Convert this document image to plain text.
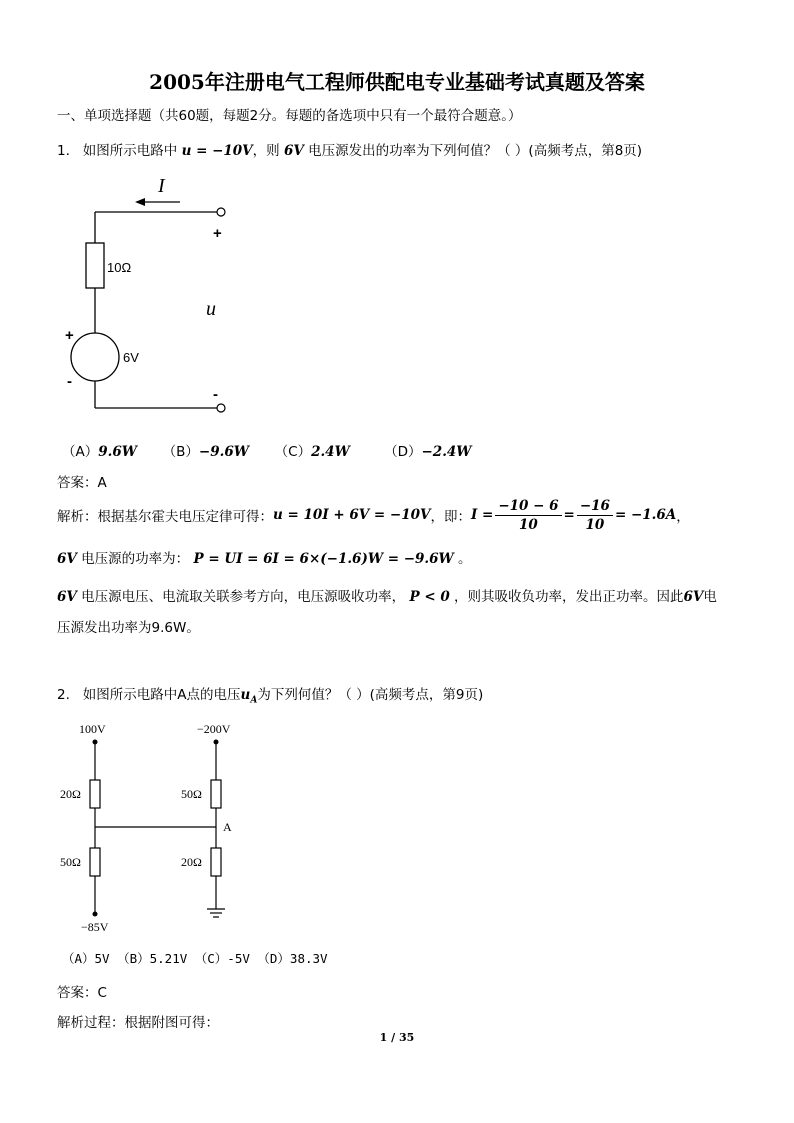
2005年注册电气工程师供配电专业基础考试真题及答案
一、单项选择题（共60题，每题2分。每题的备选项中只有一个最符合题意。）
1. 如图所示电路中 u = −10V，则 6V 电压源发出的功率为下列何值？（ ）(高频考点，第8页)
I
10Ω
6V
u
+
-
+
-
（A）9.6W （B）−9.6W （C）2.4W	（D）−2.4W
答案：A
解析：根据基尔霍夫电压定律可得： u = 10I + 6V = −10V ，即： $I = \frac{-10 - 6}{10} = \frac{-16}{10} = -1.6A$ ，
6V 电压源的功率为： P = UI = 6I = 6×(−1.6)W = −9.6W 。
6V 电压源电压、电流取关联参考方向，电压源吸收功率， P < 0 ，则其吸收负功率，发出正功率。因此6V电
压源发出功率为9.6W。
2. 如图所示电路中A点的电压$u_A$为下列何值？（ ）(高频考点，第9页)
100V	−200V
20Ω	50Ω
A
50Ω	20Ω
−85V
（A）5V （B）5.21V （C）-5V （D）38.3V
答案：C
解析过程：根据附图可得：
1 / 35
